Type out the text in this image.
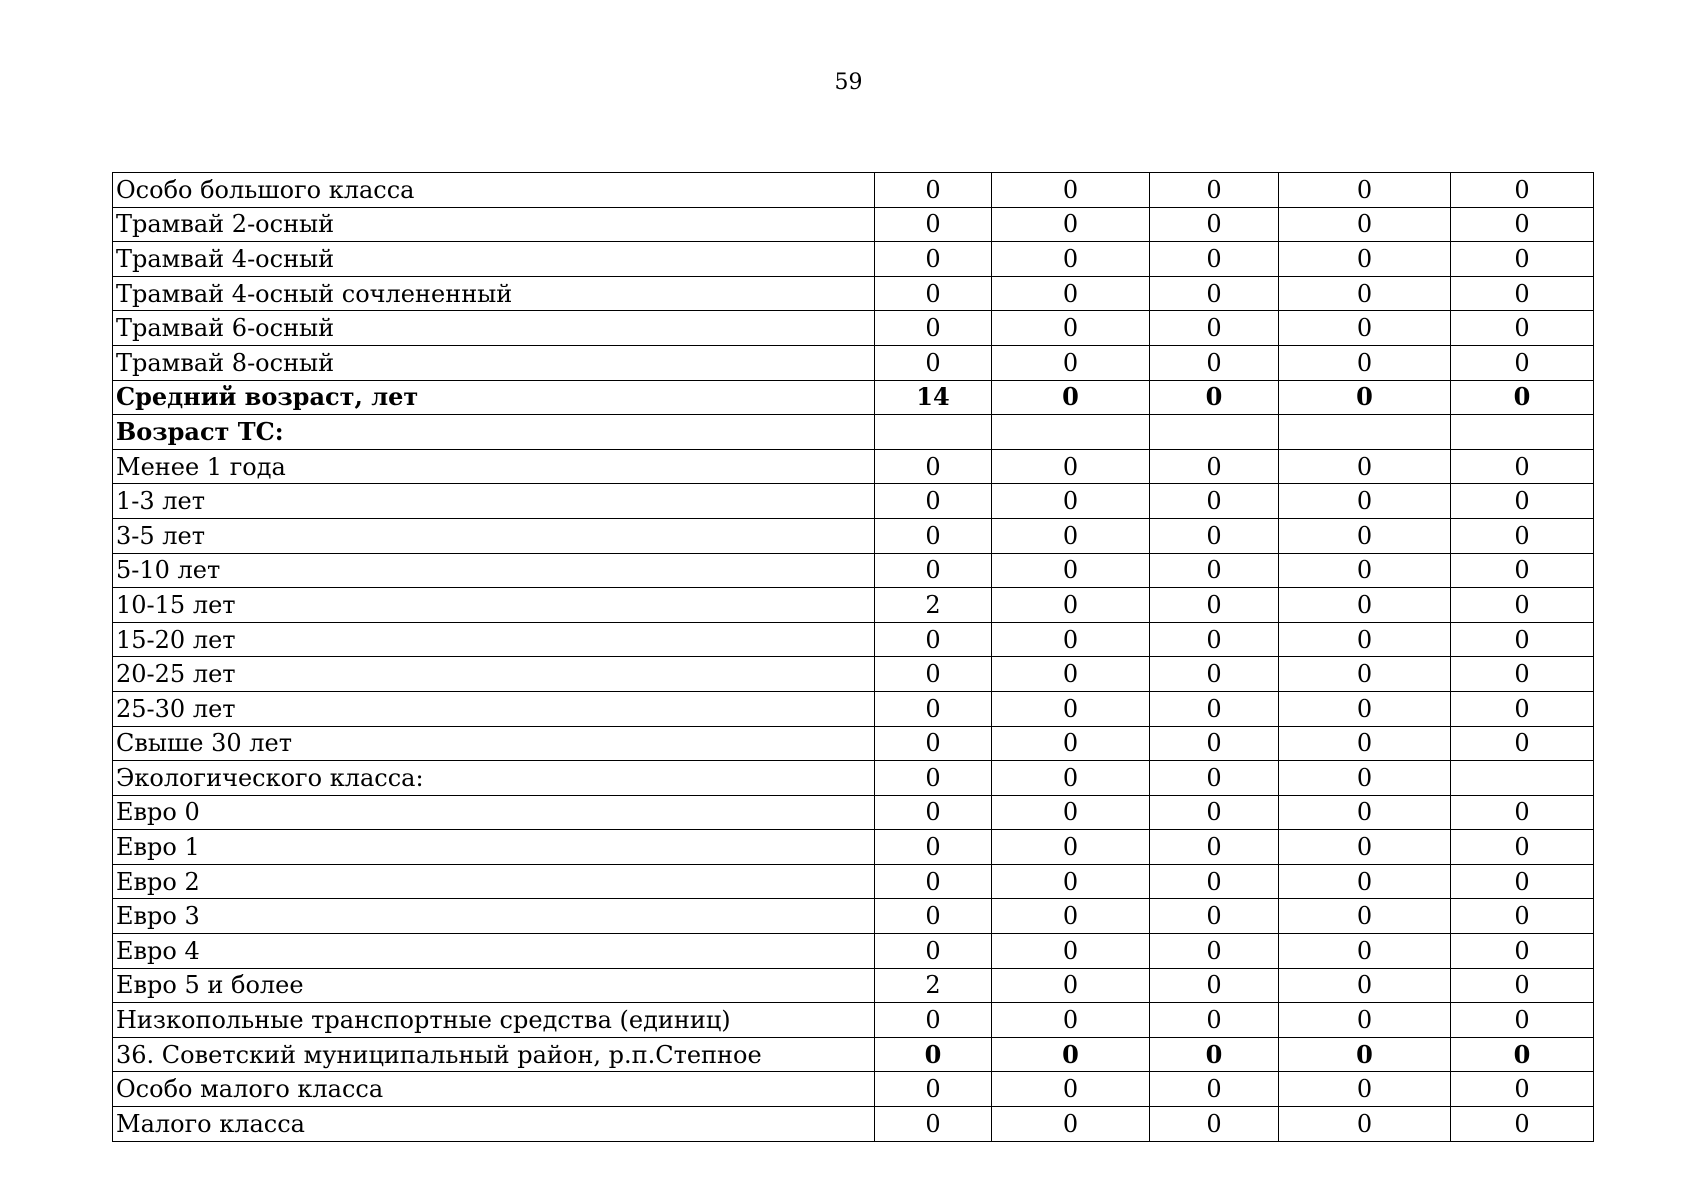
59
Особо большого класса	0	0	0	0	0
Трамвай 2-осный	0	0	0	0	0
Трамвай 4-осный	0	0	0	0	0
Трамвай 4-осный сочлененный	0	0	0	0	0
Трамвай 6-осный	0	0	0	0	0
Трамвай 8-осный	0	0	0	0	0
Средний возраст, лет	14	0	0	0	0
Возраст ТС:					
Менее 1 года	0	0	0	0	0
1-3 лет	0	0	0	0	0
3-5 лет	0	0	0	0	0
5-10 лет	0	0	0	0	0
10-15 лет	2	0	0	0	0
15-20 лет	0	0	0	0	0
20-25 лет	0	0	0	0	0
25-30 лет	0	0	0	0	0
Свыше 30 лет	0	0	0	0	0
Экологического класса:	0	0	0	0	
Евро 0	0	0	0	0	0
Евро 1	0	0	0	0	0
Евро 2	0	0	0	0	0
Евро 3	0	0	0	0	0
Евро 4	0	0	0	0	0
Евро 5 и более	2	0	0	0	0
Низкопольные транспортные средства (единиц)	0	0	0	0	0
36. Советский муниципальный район, р.п.Степное	0	0	0	0	0
Особо малого класса	0	0	0	0	0
Малого класса	0	0	0	0	0
